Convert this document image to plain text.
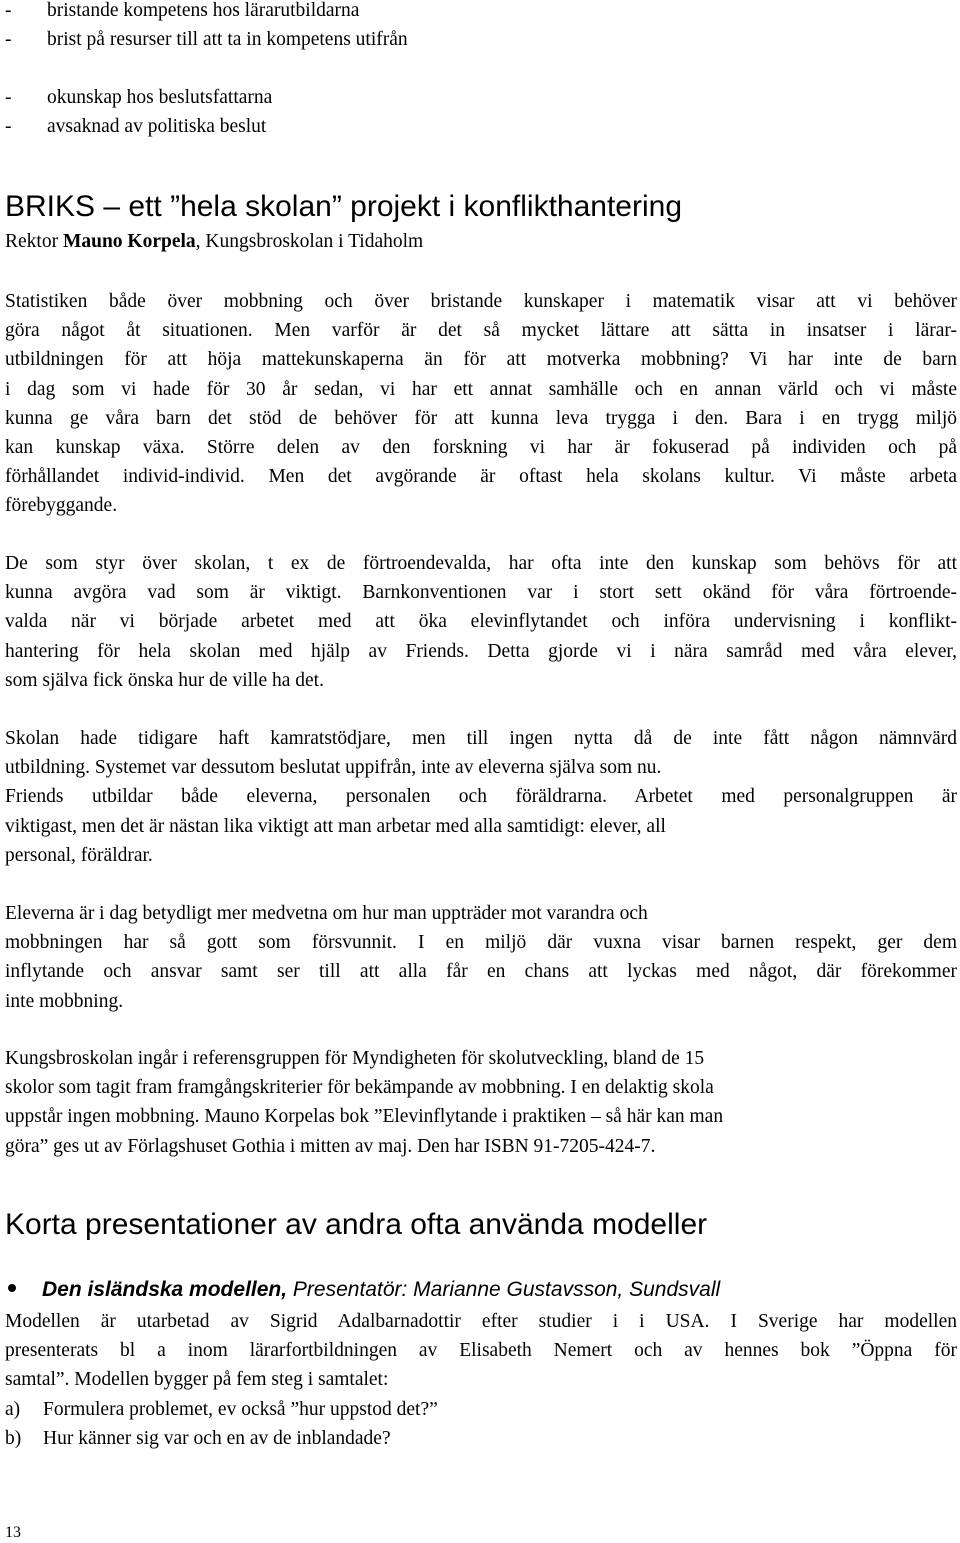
- bristande kompetens hos lärarutbildarna
- brist på resurser till att ta in kompetens utifrån
- okunskap hos beslutsfattarna
- avsaknad av politiska beslut
BRIKS – ett ”hela skolan” projekt i konflikthantering
Rektor Mauno Korpela, Kungsbroskolan i Tidaholm
Statistiken både över mobbning och över bristande kunskaper i matematik visar att vi behöver
göra något åt situationen. Men varför är det så mycket lättare att sätta in insatser i lärar-
utbildningen för att höja mattekunskaperna än för att motverka mobbning? Vi har inte de barn
i dag som vi hade för 30 år sedan, vi har ett annat samhälle och en annan värld och vi måste
kunna ge våra barn det stöd de behöver för att kunna leva trygga i den. Bara i en trygg miljö
kan kunskap växa. Större delen av den forskning vi har är fokuserad på individen och på
förhållandet individ-individ. Men det avgörande är oftast hela skolans kultur. Vi måste arbeta
förebyggande.
De som styr över skolan, t ex de förtroendevalda, har ofta inte den kunskap som behövs för att
kunna avgöra vad som är viktigt. Barnkonventionen var i stort sett okänd för våra förtroende-
valda när vi började arbetet med att öka elevinflytandet och införa undervisning i konflikt-
hantering för hela skolan med hjälp av Friends. Detta gjorde vi i nära samråd med våra elever,
som själva fick önska hur de ville ha det.
Skolan hade tidigare haft kamratstödjare, men till ingen nytta då de inte fått någon nämnvärd
utbildning. Systemet var dessutom beslutat uppifrån, inte av eleverna själva som nu.
Friends utbildar både eleverna, personalen och föräldrarna. Arbetet med personalgruppen är
viktigast, men det är nästan lika viktigt att man arbetar med alla samtidigt: elever, all
personal, föräldrar.
Eleverna är i dag betydligt mer medvetna om hur man uppträder mot varandra och
mobbningen har så gott som försvunnit. I en miljö där vuxna visar barnen respekt, ger dem
inflytande och ansvar samt ser till att alla får en chans att lyckas med något, där förekommer
inte mobbning.
Kungsbroskolan ingår i referensgruppen för Myndigheten för skolutveckling, bland de 15
skolor som tagit fram framgångskriterier för bekämpande av mobbning. I en delaktig skola
uppstår ingen mobbning. Mauno Korpelas bok ”Elevinflytande i praktiken – så här kan man
göra” ges ut av Förlagshuset Gothia i mitten av maj. Den har ISBN 91-7205-424-7.
Korta presentationer av andra ofta använda modeller
Den isländska modellen, Presentatör: Marianne Gustavsson, Sundsvall
Modellen är utarbetad av Sigrid Adalbarnadottir efter studier i i USA. I Sverige har modellen
presenterats bl a inom lärarfortbildningen av Elisabeth Nemert och av hennes bok ”Öppna för
samtal”. Modellen bygger på fem steg i samtalet:
a) Formulera problemet, ev också ”hur uppstod det?”
b) Hur känner sig var och en av de inblandade?
13
